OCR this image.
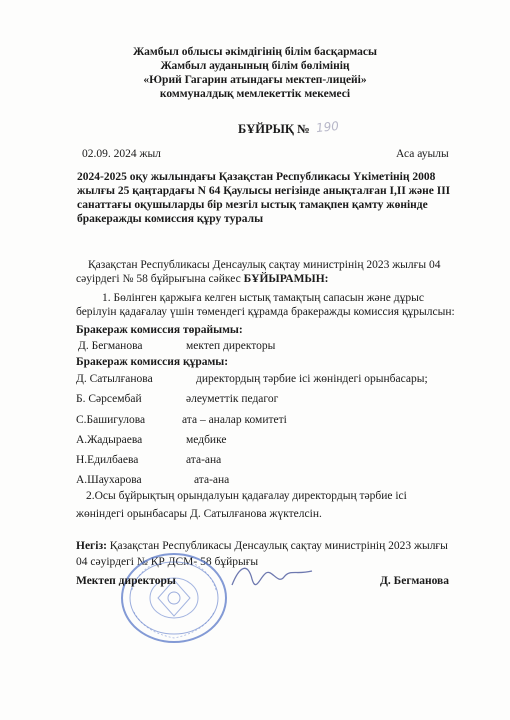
Жамбыл облысы әкімдігінің білім басқармасы
Жамбыл ауданының білім бөлімінің
«Юрий Гагарин атындағы мектеп-лицейі»
коммуналдық мемлекеттік мекемесі
БҰЙРЫҚ № 190
02.09. 2024 жыл	Аса ауылы
2024-2025 оқу жылындағы Қазақстан Республикасы Үкіметінің 2008
жылғы 25 қаңтардағы N 64 Қаулысы негізінде анықталған I,II және III
санаттағы оқушыларды бір мезгіл ыстық тамақпен қамту жөнінде
бракеражды комиссия құру туралы
Қазақстан Республикасы Денсаулық сақтау министрінің 2023 жылғы 04
сәуірдегі № 58 бұйрығына сәйкес БҰЙЫРАМЫН:
1. Бөлінген қаржыға келген ыстық тамақтың сапасын және дұрыс
берілуін қадағалау үшін төмендегі құрамда бракеражды комиссия құрылсын:
Бракераж комиссия төрайымы:
Д. Бегманова	мектеп директоры
Бракераж комиссия құрамы:
Д. Сатылғанова	директордың тәрбие ісі жөніндегі орынбасары;
Б. Сәрсембай	әлеуметтік педагог
С.Башигулова	ата – аналар комитеті
А.Жадыраева	медбике
Н.Едилбаева	ата-ана
А.Шаухарова	ата-ана
2.Осы бұйрықтың орындалуын қадағалау директордың тәрбие ісі
жөніндегі орынбасары Д. Сатылғанова жүктелсін.
Негіз: Қазақстан Республикасы Денсаулық сақтау министрінің 2023 жылғы
04 сәуірдегі № ҚР ДСМ- 58 бұйрығы
Мектеп директоры	Д. Бегманова
